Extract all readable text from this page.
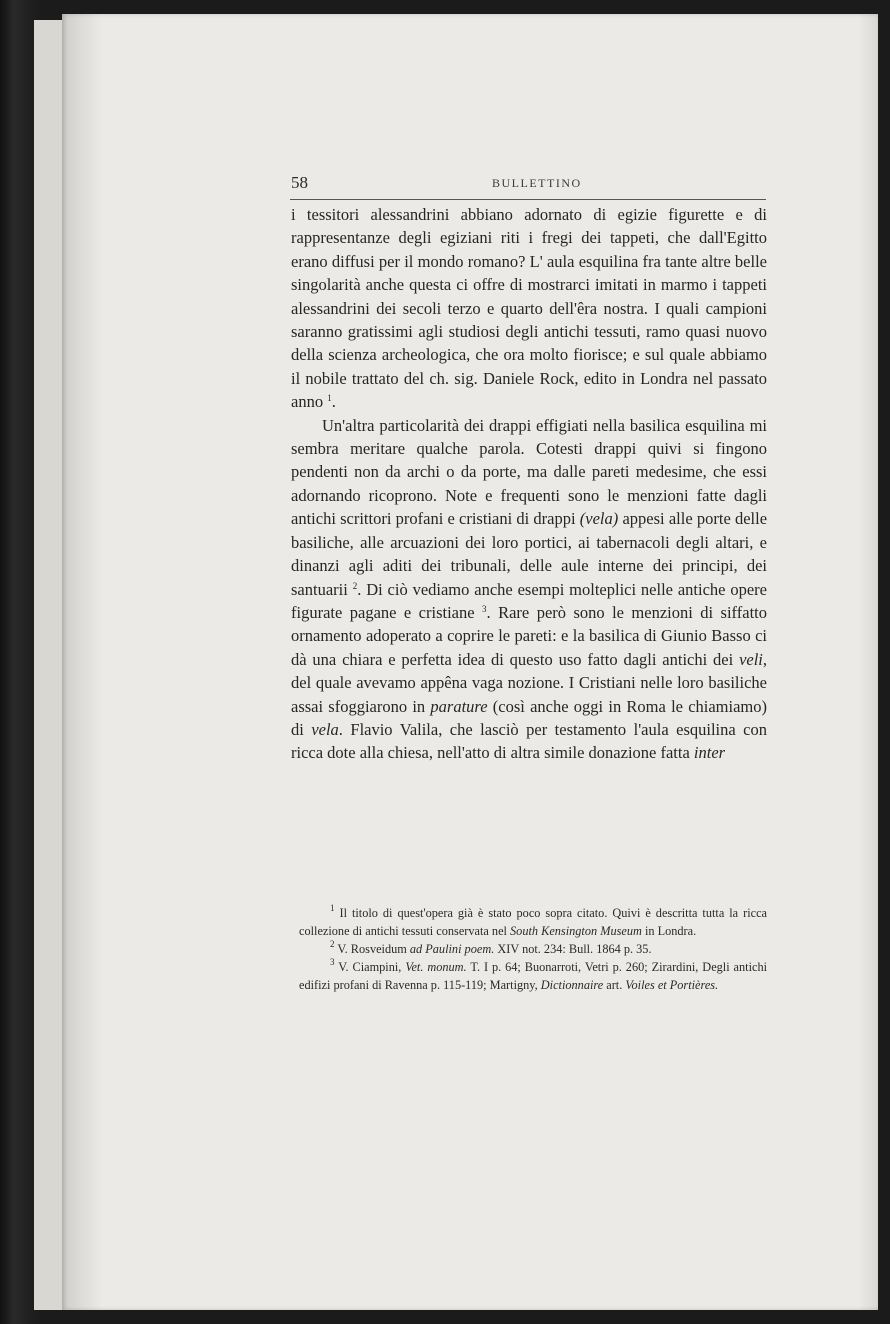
58	BULLETTINO

i tessitori alessandrini abbiano adornato di egizie figurette e di rappresentanze degli egiziani riti i fregi dei tappeti, che dall'Egitto erano diffusi per il mondo romano? L' aula esquilina fra tante altre belle singolarità anche questa ci offre di mostrarci imitati in marmo i tappeti alessandrini dei secoli terzo e quarto dell'êra nostra. I quali campioni saranno gratissimi agli studiosi degli antichi tessuti, ramo quasi nuovo della scienza archeologica, che ora molto fiorisce; e sul quale abbiamo il nobile trattato del ch. sig. Daniele Rock, edito in Londra nel passato anno $^1$.

Un'altra particolarità dei drappi effigiati nella basilica esquilina mi sembra meritare qualche parola. Cotesti drappi quivi si fingono pendenti non da archi o da porte, ma dalle pareti medesime, che essi adornando ricoprono. Note e frequenti sono le menzioni fatte dagli antichi scrittori profani e cristiani di drappi (vela) appesi alle porte delle basiliche, alle arcuazioni dei loro portici, ai tabernacoli degli altari, e dinanzi agli aditi dei tribunali, delle aule interne dei principi, dei santuarii $^2$. Di ciò vediamo anche esempi molteplici nelle antiche opere figurate pagane e cristiane $^3$. Rare però sono le menzioni di siffatto ornamento adoperato a coprire le pareti: e la basilica di Giunio Basso ci dà una chiara e perfetta idea di questo uso fatto dagli antichi dei veli, del quale avevamo appêna vaga nozione. I Cristiani nelle loro basiliche assai sfoggiarono in parature (così anche oggi in Roma le chiamiamo) di vela. Flavio Valila, che lasciò per testamento l'aula esquilina con ricca dote alla chiesa, nell'atto di altra simile donazione fatta inter

$^1$ Il titolo di quest'opera già è stato poco sopra citato. Quivi è descritta tutta la ricca collezione di antichi tessuti conservata nel South Kensington Museum in Londra.

$^2$ V. Rosveidum ad Paulini poem. XIV not. 234: Bull. 1864 p. 35.

$^3$ V. Ciampini, Vet. monum. T. I p. 64; Buonarroti, Vetri p. 260; Zirardini, Degli antichi edifizi profani di Ravenna p. 115-119; Martigny, Dictionnaire art. Voiles et Portières.
